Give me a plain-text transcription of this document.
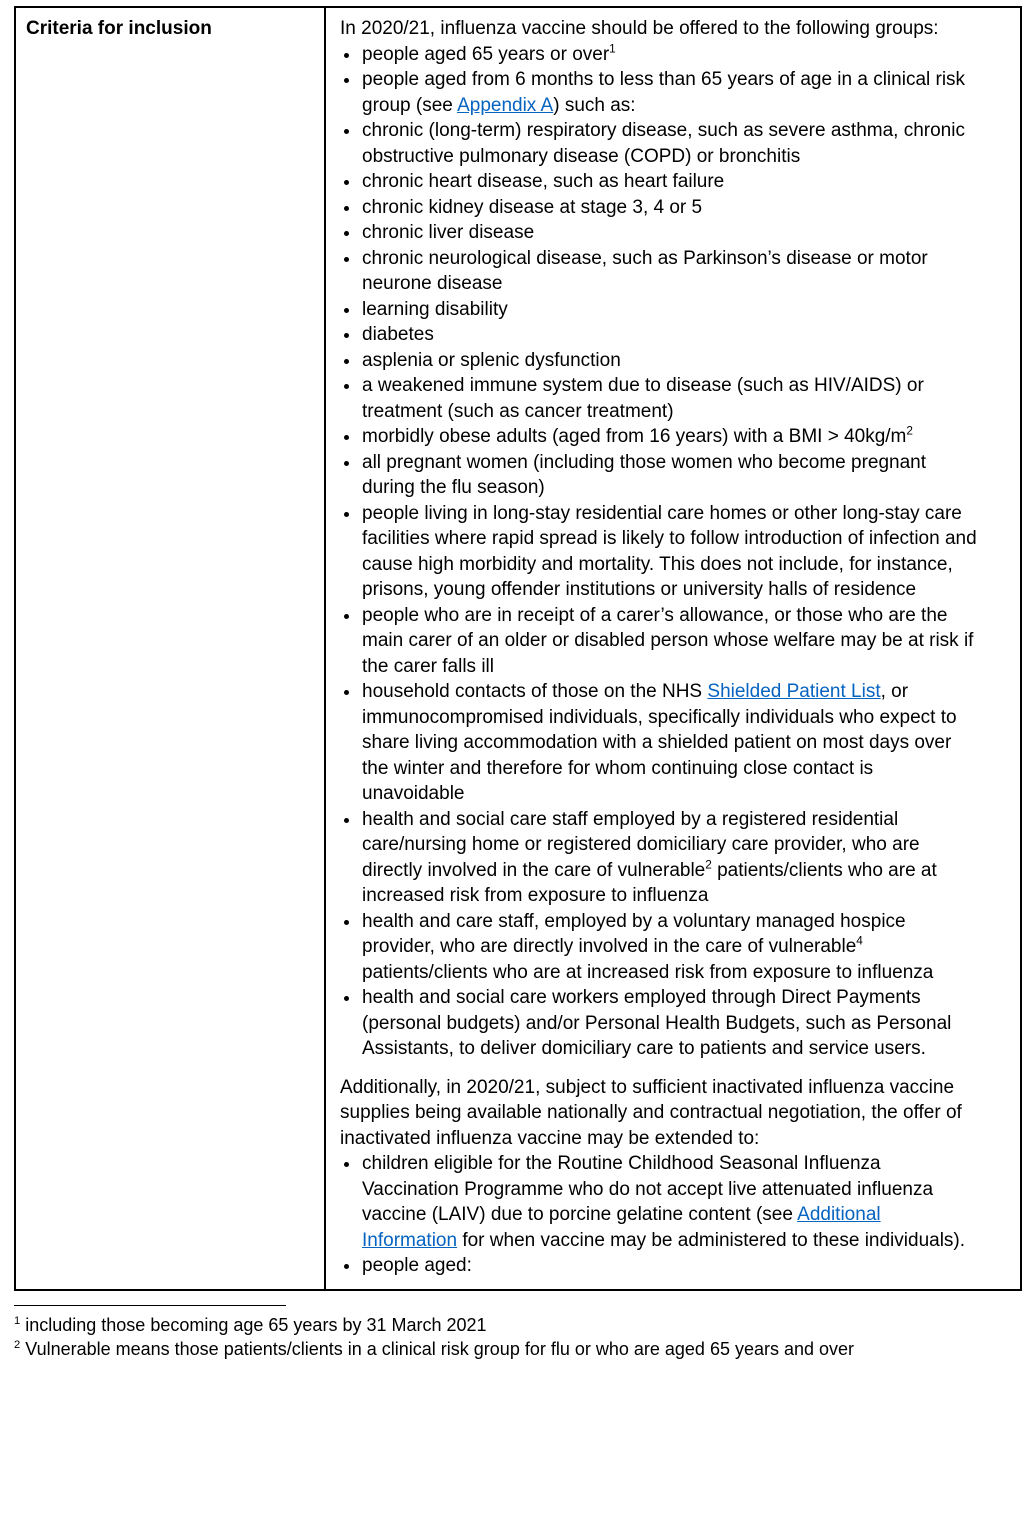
Criteria for inclusion	In 2020/21, influenza vaccine should be offered to the following groups:

• people aged 65 years or over$^1$
• people aged from 6 months to less than 65 years of age in a clinical risk group (see Appendix A) such as:
• chronic (long-term) respiratory disease, such as severe asthma, chronic obstructive pulmonary disease (COPD) or bronchitis
• chronic heart disease, such as heart failure
• chronic kidney disease at stage 3, 4 or 5
• chronic liver disease
• chronic neurological disease, such as Parkinson’s disease or motor neurone disease
• learning disability
• diabetes
• asplenia or splenic dysfunction
• a weakened immune system due to disease (such as HIV/AIDS) or treatment (such as cancer treatment)
• morbidly obese adults (aged from 16 years) with a BMI > $40kg/m^2$
• all pregnant women (including those women who become pregnant during the flu season)
• people living in long-stay residential care homes or other long-stay care facilities where rapid spread is likely to follow introduction of infection and cause high morbidity and mortality. This does not include, for instance, prisons, young offender institutions or university halls of residence
• people who are in receipt of a carer’s allowance, or those who are the main carer of an older or disabled person whose welfare may be at risk if the carer falls ill
• household contacts of those on the NHS Shielded Patient List, or immunocompromised individuals, specifically individuals who expect to share living accommodation with a shielded patient on most days over the winter and therefore for whom continuing close contact is unavoidable
• health and social care staff employed by a registered residential care/nursing home or registered domiciliary care provider, who are directly involved in the care of vulnerable$^2$ patients/clients who are at increased risk from exposure to influenza
• health and care staff, employed by a voluntary managed hospice provider, who are directly involved in the care of vulnerable$^4$ patients/clients who are at increased risk from exposure to influenza
• health and social care workers employed through Direct Payments (personal budgets) and/or Personal Health Budgets, such as Personal Assistants, to deliver domiciliary care to patients and service users.

Additionally, in 2020/21, subject to sufficient inactivated influenza vaccine supplies being available nationally and contractual negotiation, the offer of inactivated influenza vaccine may be extended to:

• children eligible for the Routine Childhood Seasonal Influenza Vaccination Programme who do not accept live attenuated influenza vaccine (LAIV) due to porcine gelatine content (see Additional Information for when vaccine may be administered to these individuals).
• people aged:
$^1$ including those becoming age 65 years by 31 March 2021
$^2$ Vulnerable means those patients/clients in a clinical risk group for flu or who are aged 65 years and over
